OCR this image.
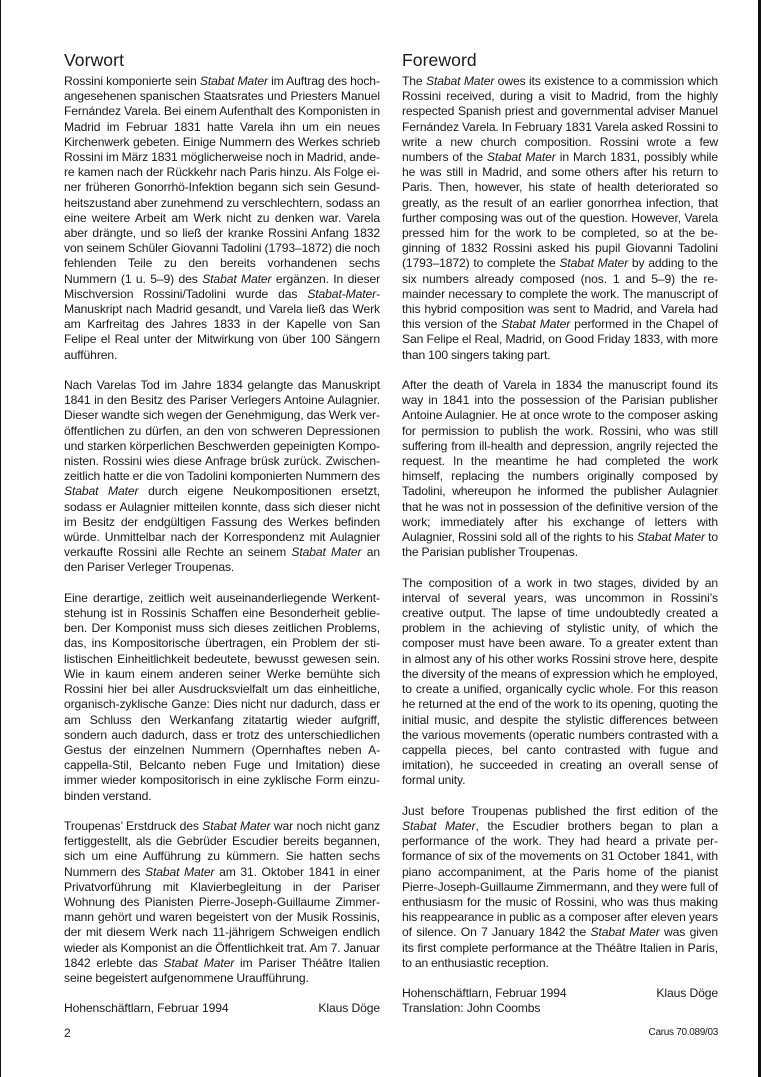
Vorwort

Rossini komponierte sein Stabat Mater im Auftrag des hochangesehenen spanischen Staatsrates und Priesters Manuel Fernández Varela. Bei einem Aufenthalt des Komponisten in Madrid im Februar 1831 hatte Varela ihn um ein neues Kirchenwerk gebeten. Einige Nummern des Werkes schrieb Rossini im März 1831 möglicherweise noch in Madrid, andere kamen nach der Rückkehr nach Paris hinzu. Als Folge einer früheren Gonorrhö-Infektion begann sich sein Gesundheitszustand aber zunehmend zu verschlechtern, sodass an eine weitere Arbeit am Werk nicht zu denken war. Varela aber drängte, und so ließ der kranke Rossini Anfang 1832 von seinem Schüler Giovanni Tadolini (1793–1872) die noch fehlenden Teile zu den bereits vorhandenen sechs Nummern (1 u. 5–9) des Stabat Mater ergänzen. In dieser Mischversion Rossini/Tadolini wurde das Stabat-Mater-Manuskript nach Madrid gesandt, und Varela ließ das Werk am Karfreitag des Jahres 1833 in der Kapelle von San Felipe el Real unter der Mitwirkung von über 100 Sängern aufführen.

Nach Varelas Tod im Jahre 1834 gelangte das Manuskript 1841 in den Besitz des Pariser Verlegers Antoine Aulagnier. Dieser wandte sich wegen der Genehmigung, das Werk veröffentlichen zu dürfen, an den von schweren Depressionen und starken körperlichen Beschwerden gepeinigten Komponisten. Rossini wies diese Anfrage brüsk zurück. Zwischenzeitlich hatte er die von Tadolini komponierten Nummern des Stabat Mater durch eigene Neukompositionen ersetzt, sodass er Aulagnier mitteilen konnte, dass sich dieser nicht im Besitz der endgültigen Fassung des Werkes befinden würde. Unmittelbar nach der Korrespondenz mit Aulagnier verkaufte Rossini alle Rechte an seinem Stabat Mater an den Pariser Verleger Troupenas.

Eine derartige, zeitlich weit auseinanderliegende Werkentstehung ist in Rossinis Schaffen eine Besonderheit geblieben. Der Komponist muss sich dieses zeitlichen Problems, das, ins Kompositorische übertragen, ein Problem der stilistischen Einheitlichkeit bedeutete, bewusst gewesen sein. Wie in kaum einem anderen seiner Werke bemühte sich Rossini hier bei aller Ausdrucksvielfalt um das einheitliche, organisch-zyklische Ganze: Dies nicht nur dadurch, dass er am Schluss den Werkanfang zitatartig wieder aufgriff, sondern auch dadurch, dass er trotz des unterschiedlichen Gestus der einzelnen Nummern (Opernhaftes neben A-cappella-Stil, Belcanto neben Fuge und Imitation) diese immer wieder kompositorisch in eine zyklische Form einzubinden verstand.

Troupenas’ Erstdruck des Stabat Mater war noch nicht ganz fertiggestellt, als die Gebrüder Escudier bereits begannen, sich um eine Aufführung zu kümmern. Sie hatten sechs Nummern des Stabat Mater am 31. Oktober 1841 in einer Privatvorführung mit Klavierbegleitung in der Pariser Wohnung des Pianisten Pierre-Joseph-Guillaume Zimmermann gehört und waren begeistert von der Musik Rossinis, der mit diesem Werk nach 11-jährigem Schweigen endlich wieder als Komponist an die Öffentlichkeit trat. Am 7. Januar 1842 erlebte das Stabat Mater im Pariser Théâtre Italien seine begeistert aufgenommene Uraufführung.

Hohenschäftlarn, Februar 1994	Klaus Döge
Foreword

The Stabat Mater owes its existence to a commission which Rossini received, during a visit to Madrid, from the highly respected Spanish priest and governmental adviser Manuel Fernández Varela. In February 1831 Varela asked Rossini to write a new church composition. Rossini wrote a few numbers of the Stabat Mater in March 1831, possibly while he was still in Madrid, and some others after his return to Paris. Then, however, his state of health deteriorated so greatly, as the result of an earlier gonorrhea infection, that further composing was out of the question. However, Varela pressed him for the work to be completed, so at the beginning of 1832 Rossini asked his pupil Giovanni Tadolini (1793–1872) to complete the Stabat Mater by adding to the six numbers already composed (nos. 1 and 5–9) the remainder necessary to complete the work. The manuscript of this hybrid composition was sent to Madrid, and Varela had this version of the Stabat Mater performed in the Chapel of San Felipe el Real, Madrid, on Good Friday 1833, with more than 100 singers taking part.

After the death of Varela in 1834 the manuscript found its way in 1841 into the possession of the Parisian publisher Antoine Aulagnier. He at once wrote to the composer asking for permission to publish the work. Rossini, who was still suffering from ill-health and depression, angrily rejected the request. In the meantime he had completed the work himself, replacing the numbers originally composed by Tadolini, whereupon he informed the publisher Aulagnier that he was not in possession of the definitive version of the work; immediately after his exchange of letters with Aulagnier, Rossini sold all of the rights to his Stabat Mater to the Parisian publisher Troupenas.

The composition of a work in two stages, divided by an interval of several years, was uncommon in Rossini’s creative output. The lapse of time undoubtedly created a problem in the achieving of stylistic unity, of which the composer must have been aware. To a greater extent than in almost any of his other works Rossini strove here, despite the diversity of the means of expression which he employed, to create a unified, organically cyclic whole. For this reason he returned at the end of the work to its opening, quoting the initial music, and despite the stylistic differences between the various movements (operatic numbers contrasted with a cappella pieces, bel canto contrasted with fugue and imitation), he succeeded in creating an overall sense of formal unity.

Just before Troupenas published the first edition of the Stabat Mater, the Escudier brothers began to plan a performance of the work. They had heard a private performance of six of the movements on 31 October 1841, with piano accompaniment, at the Paris home of the pianist Pierre-Joseph-Guillaume Zimmermann, and they were full of enthusiasm for the music of Rossini, who was thus making his reappearance in public as a composer after eleven years of silence. On 7 January 1842 the Stabat Mater was given its first complete performance at the Théâtre Italien in Paris, to an enthusiastic reception.

Hohenschäftlarn, Februar 1994	Klaus Döge
Translation: John Coombs
2	Carus 70.089/03
